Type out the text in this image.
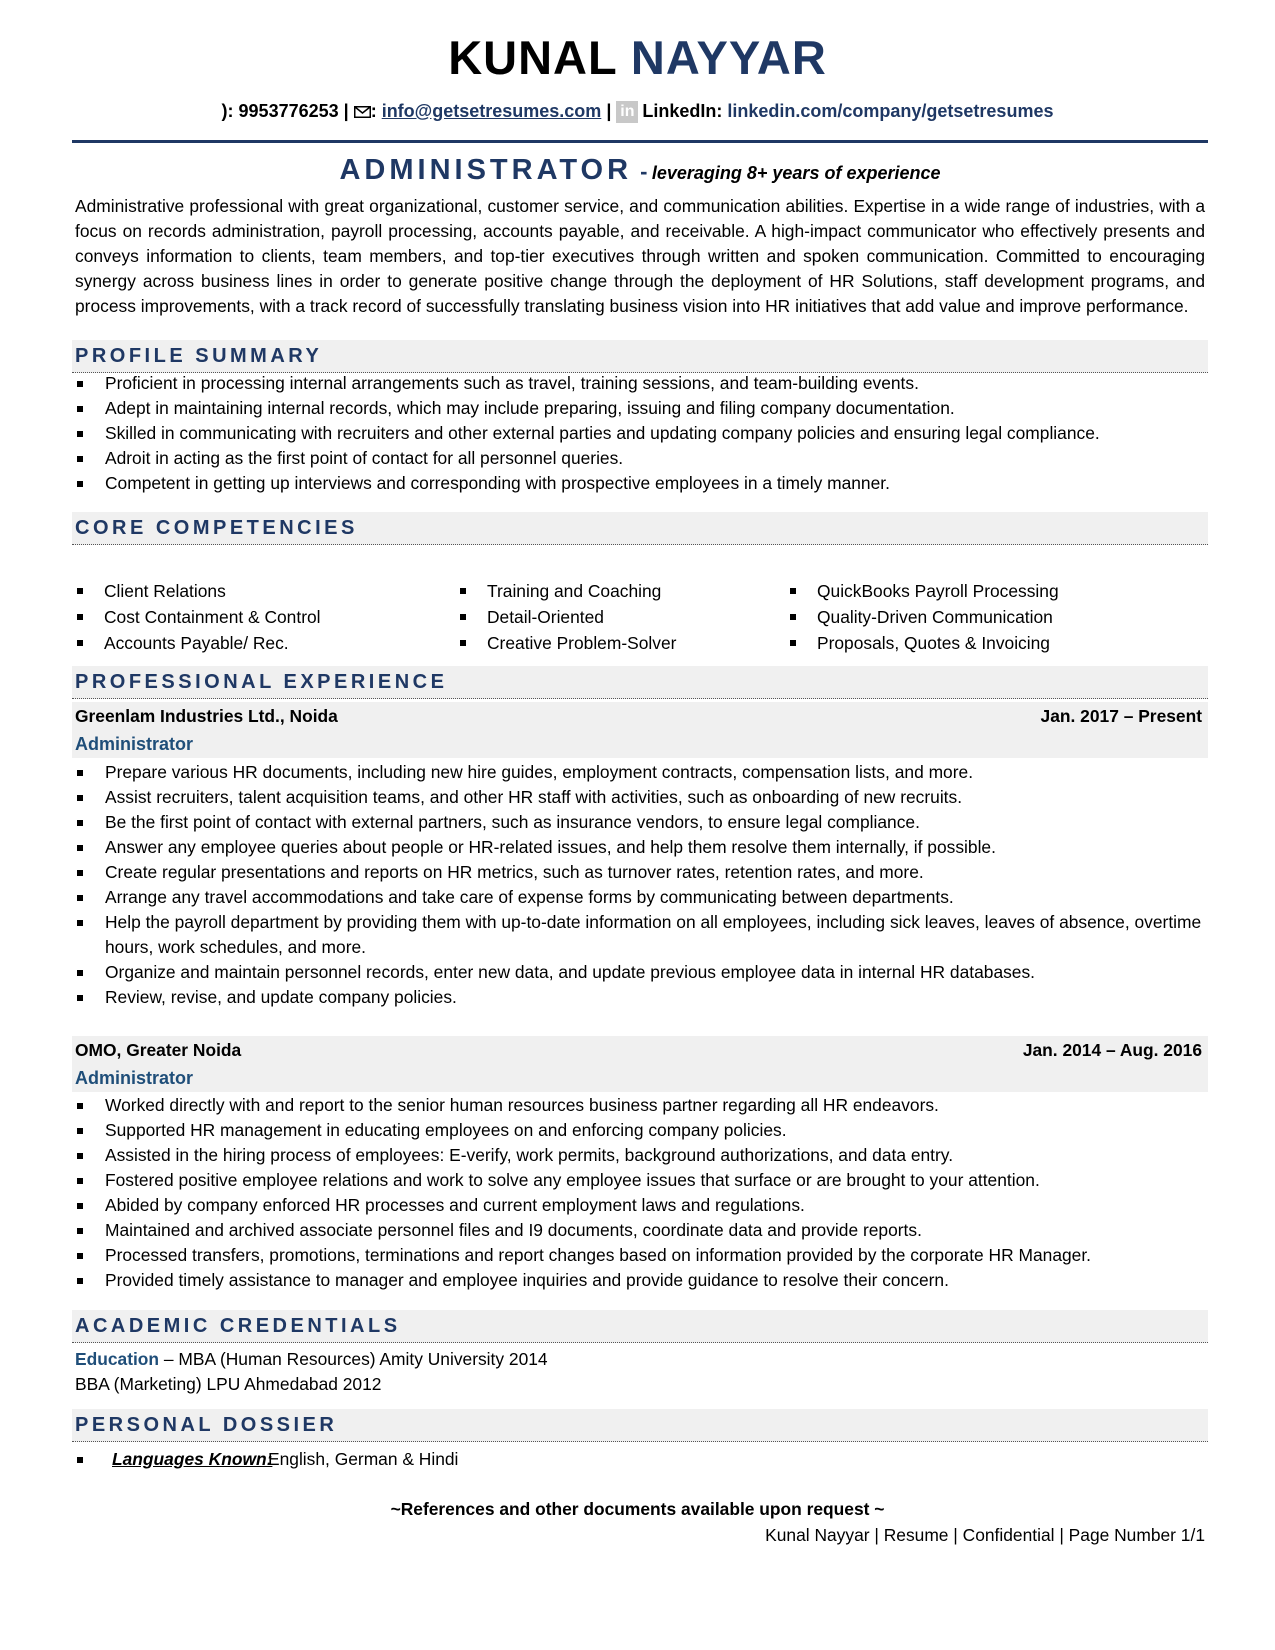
KUNAL NAYYAR
): 9953776253 | : info@getsetresumes.com | in LinkedIn: linkedin.com/company/getsetresumes
ADMINISTRATOR - leveraging 8+ years of experience
Administrative professional with great organizational, customer service, and communication abilities. Expertise in a wide range of industries, with a focus on records administration, payroll processing, accounts payable, and receivable. A high-impact communicator who effectively presents and conveys information to clients, team members, and top-tier executives through written and spoken communication. Committed to encouraging synergy across business lines in order to generate positive change through the deployment of HR Solutions, staff development programs, and process improvements, with a track record of successfully translating business vision into HR initiatives that add value and improve performance.
PROFILE SUMMARY
Proficient in processing internal arrangements such as travel, training sessions, and team-building events.
Adept in maintaining internal records, which may include preparing, issuing and filing company documentation.
Skilled in communicating with recruiters and other external parties and updating company policies and ensuring legal compliance.
Adroit in acting as the first point of contact for all personnel queries.
Competent in getting up interviews and corresponding with prospective employees in a timely manner.
CORE COMPETENCIES
Client Relations
Cost Containment & Control
Accounts Payable/ Rec.
Training and Coaching
Detail-Oriented
Creative Problem-Solver
QuickBooks Payroll Processing
Quality-Driven Communication
Proposals, Quotes & Invoicing
PROFESSIONAL EXPERIENCE
Greenlam Industries Ltd., Noida	Jan. 2017 – Present
Administrator
Prepare various HR documents, including new hire guides, employment contracts, compensation lists, and more.
Assist recruiters, talent acquisition teams, and other HR staff with activities, such as onboarding of new recruits.
Be the first point of contact with external partners, such as insurance vendors, to ensure legal compliance.
Answer any employee queries about people or HR-related issues, and help them resolve them internally, if possible.
Create regular presentations and reports on HR metrics, such as turnover rates, retention rates, and more.
Arrange any travel accommodations and take care of expense forms by communicating between departments.
Help the payroll department by providing them with up-to-date information on all employees, including sick leaves, leaves of absence, overtime hours, work schedules, and more.
Organize and maintain personnel records, enter new data, and update previous employee data in internal HR databases.
Review, revise, and update company policies.
OMO, Greater Noida	Jan. 2014 – Aug. 2016
Administrator
Worked directly with and report to the senior human resources business partner regarding all HR endeavors.
Supported HR management in educating employees on and enforcing company policies.
Assisted in the hiring process of employees: E-verify, work permits, background authorizations, and data entry.
Fostered positive employee relations and work to solve any employee issues that surface or are brought to your attention.
Abided by company enforced HR processes and current employment laws and regulations.
Maintained and archived associate personnel files and I9 documents, coordinate data and provide reports.
Processed transfers, promotions, terminations and report changes based on information provided by the corporate HR Manager.
Provided timely assistance to manager and employee inquiries and provide guidance to resolve their concern.
ACADEMIC CREDENTIALS
Education – MBA (Human Resources) Amity University 2014
BBA (Marketing) LPU Ahmedabad 2012
PERSONAL DOSSIER
Languages Known:
English, German & Hindi
~References and other documents available upon request ~
Kunal Nayyar | Resume | Confidential | Page Number 1/1
